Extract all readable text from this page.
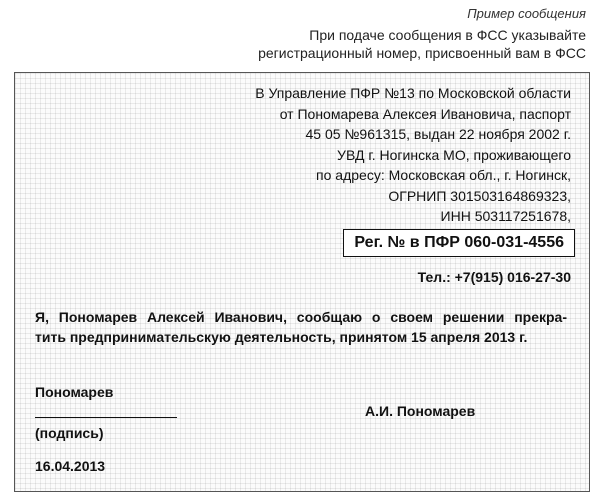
Пример сообщения
При подаче сообщения в ФСС указывайте
регистрационный номер, присвоенный вам в ФСС
В Управление ПФР №13 по Московской области
от Пономарева Алексея Ивановича, паспорт
45 05 №961315, выдан 22 ноября 2002 г.
УВД г. Ногинска МО, проживающего
по адресу: Московская обл., г. Ногинск,
ОГРНИП 301503164869323,
ИНН 503117251678,
Рег. № в ПФР 060-031-4556
Тел.: +7(915) 016-27-30
Я, Пономарев Алексей Иванович, сообщаю о своем решении прекра-
тить предпринимательскую деятельность, принятом 15 апреля 2013 г.
Пономарев
(подпись)
А.И. Пономарев
16.04.2013
